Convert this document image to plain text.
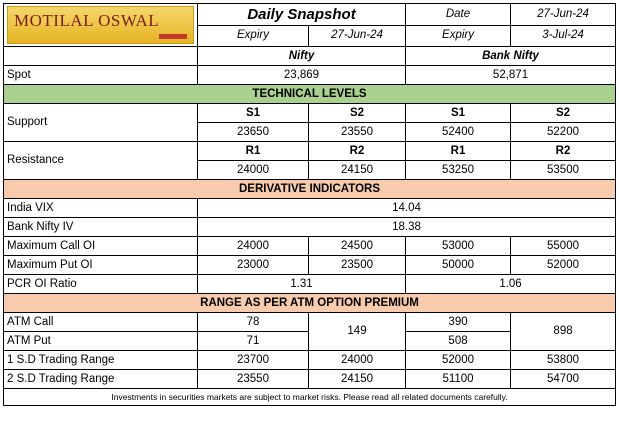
MOTILAL OSWAL	Daily Snapshot		Date	27-Jun-24
	Expiry	27-Jun-24	Expiry	3-Jul-24
	Nifty		Bank Nifty	
Spot	23,869		52,871	
TECHNICAL LEVELS				
Support	S1	S2	S1	S2
	23650	23550	52400	52200
Resistance	R1	R2	R1	R2
	24000	24150	53250	53500
DERIVATIVE INDICATORS				
India VIX	14.04			
Bank Nifty IV	18.38			
Maximum Call OI	24000	24500	53000	55000
Maximum Put OI	23000	23500	50000	52000
PCR OI Ratio	1.31		1.06	
RANGE AS PER ATM OPTION PREMIUM				
ATM Call	78	149	390	898
ATM Put	71		508	
1 S.D Trading Range	23700	24000	52000	53800
2 S.D Trading Range	23550	24150	51100	54700
Investments in securities markets are subject to market risks. Please read all related documents carefully.				
